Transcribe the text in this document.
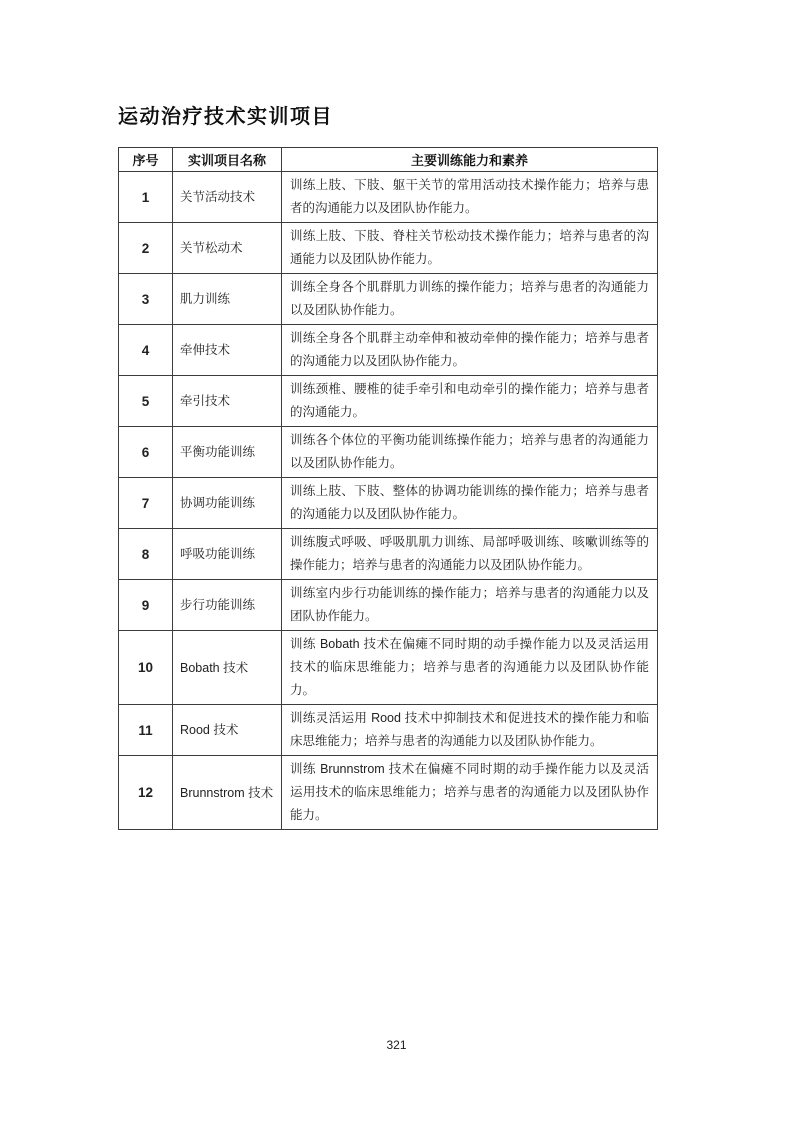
运动治疗技术实训项目
序号	实训项目名称	主要训练能力和素养
1	关节活动技术	训练上肢、下肢、躯干关节的常用活动技术操作能力；培养与患者的沟通能力以及团队协作能力。
2	关节松动术	训练上肢、下肢、脊柱关节松动技术操作能力；培养与患者的沟通能力以及团队协作能力。
3	肌力训练	训练全身各个肌群肌力训练的操作能力；培养与患者的沟通能力以及团队协作能力。
4	牵伸技术	训练全身各个肌群主动牵伸和被动牵伸的操作能力；培养与患者的沟通能力以及团队协作能力。
5	牵引技术	训练颈椎、腰椎的徒手牵引和电动牵引的操作能力；培养与患者的沟通能力。
6	平衡功能训练	训练各个体位的平衡功能训练操作能力；培养与患者的沟通能力以及团队协作能力。
7	协调功能训练	训练上肢、下肢、整体的协调功能训练的操作能力；培养与患者的沟通能力以及团队协作能力。
8	呼吸功能训练	训练腹式呼吸、呼吸肌肌力训练、局部呼吸训练、咳嗽训练等的操作能力；培养与患者的沟通能力以及团队协作能力。
9	步行功能训练	训练室内步行功能训练的操作能力；培养与患者的沟通能力以及团队协作能力。
10	Bobath 技术	训练 Bobath 技术在偏瘫不同时期的动手操作能力以及灵活运用技术的临床思维能力；培养与患者的沟通能力以及团队协作能力。
11	Rood 技术	训练灵活运用 Rood 技术中抑制技术和促进技术的操作能力和临床思维能力；培养与患者的沟通能力以及团队协作能力。
12	Brunnstrom 技术	训练 Brunnstrom 技术在偏瘫不同时期的动手操作能力以及灵活运用技术的临床思维能力；培养与患者的沟通能力以及团队协作能力。
321
